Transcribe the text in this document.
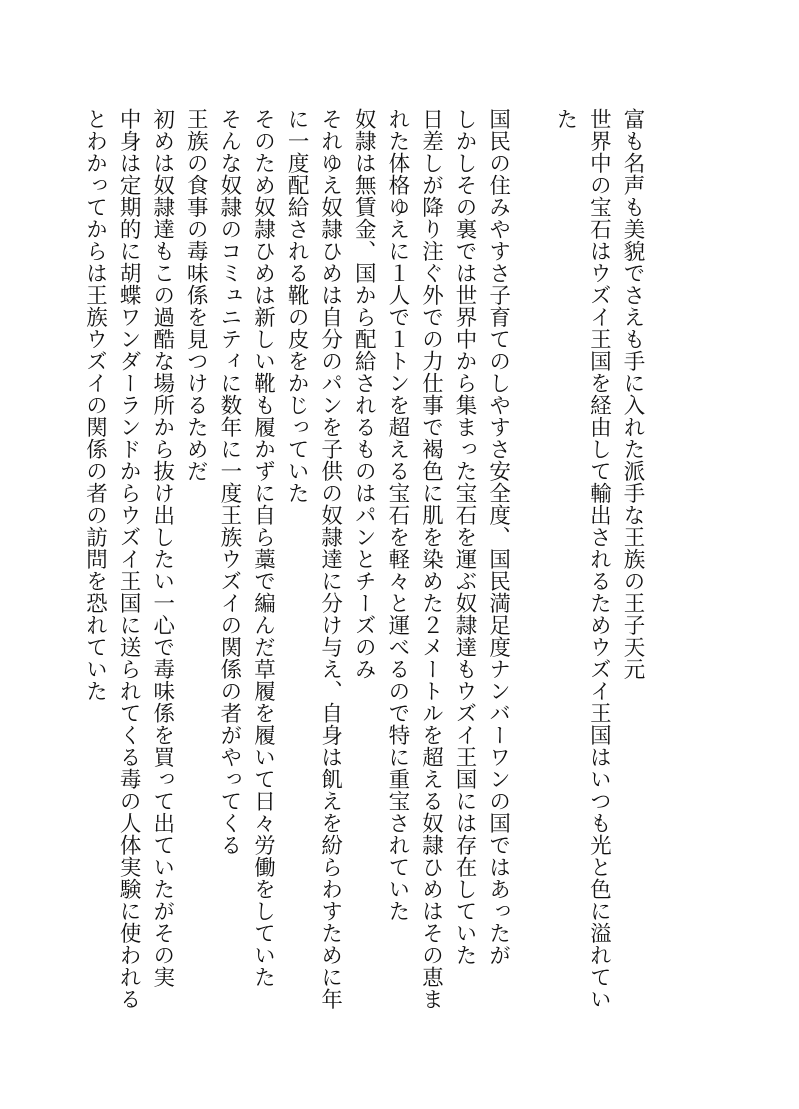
富も名声も美貌でさえも手に入れた派手な王族の王子天元
世界中の宝石はウズイ王国を経由して輸出されるためウズイ王国はいつも光と色に溢れていた
国民の住みやすさ子育てのしやすさ安全度、国民満足度ナンバーワンの国ではあったが
しかしその裏では世界中から集まった宝石を運ぶ奴隷達もウズイ王国には存在していた
日差しが降り注ぐ外での力仕事で褐色に肌を染めた２メートルを超える奴隷ひめはその恵まれた体格ゆえに１人で１トンを超える宝石を軽々と運べるので特に重宝されていた
奴隷は無賃金、国から配給されるものはパンとチーズのみ
それゆえ奴隷ひめは自分のパンを子供の奴隷達に分け与え、自身は飢えを紛らわすために年に一度配給される靴の皮をかじっていた
そのため奴隷ひめは新しい靴も履かずに自ら藁で編んだ草履を履いて日々労働をしていた
そんな奴隷のコミュニティに数年に一度王族ウズイの関係の者がやってくる
王族の食事の毒味係を見つけるためだ
初めは奴隷達もこの過酷な場所から抜け出したい一心で毒味係を買って出ていたがその実
中身は定期的に胡蝶ワンダーランドからウズイ王国に送られてくる毒の人体実験に使われるとわかってからは王族ウズイの関係の者の訪問を恐れていた
